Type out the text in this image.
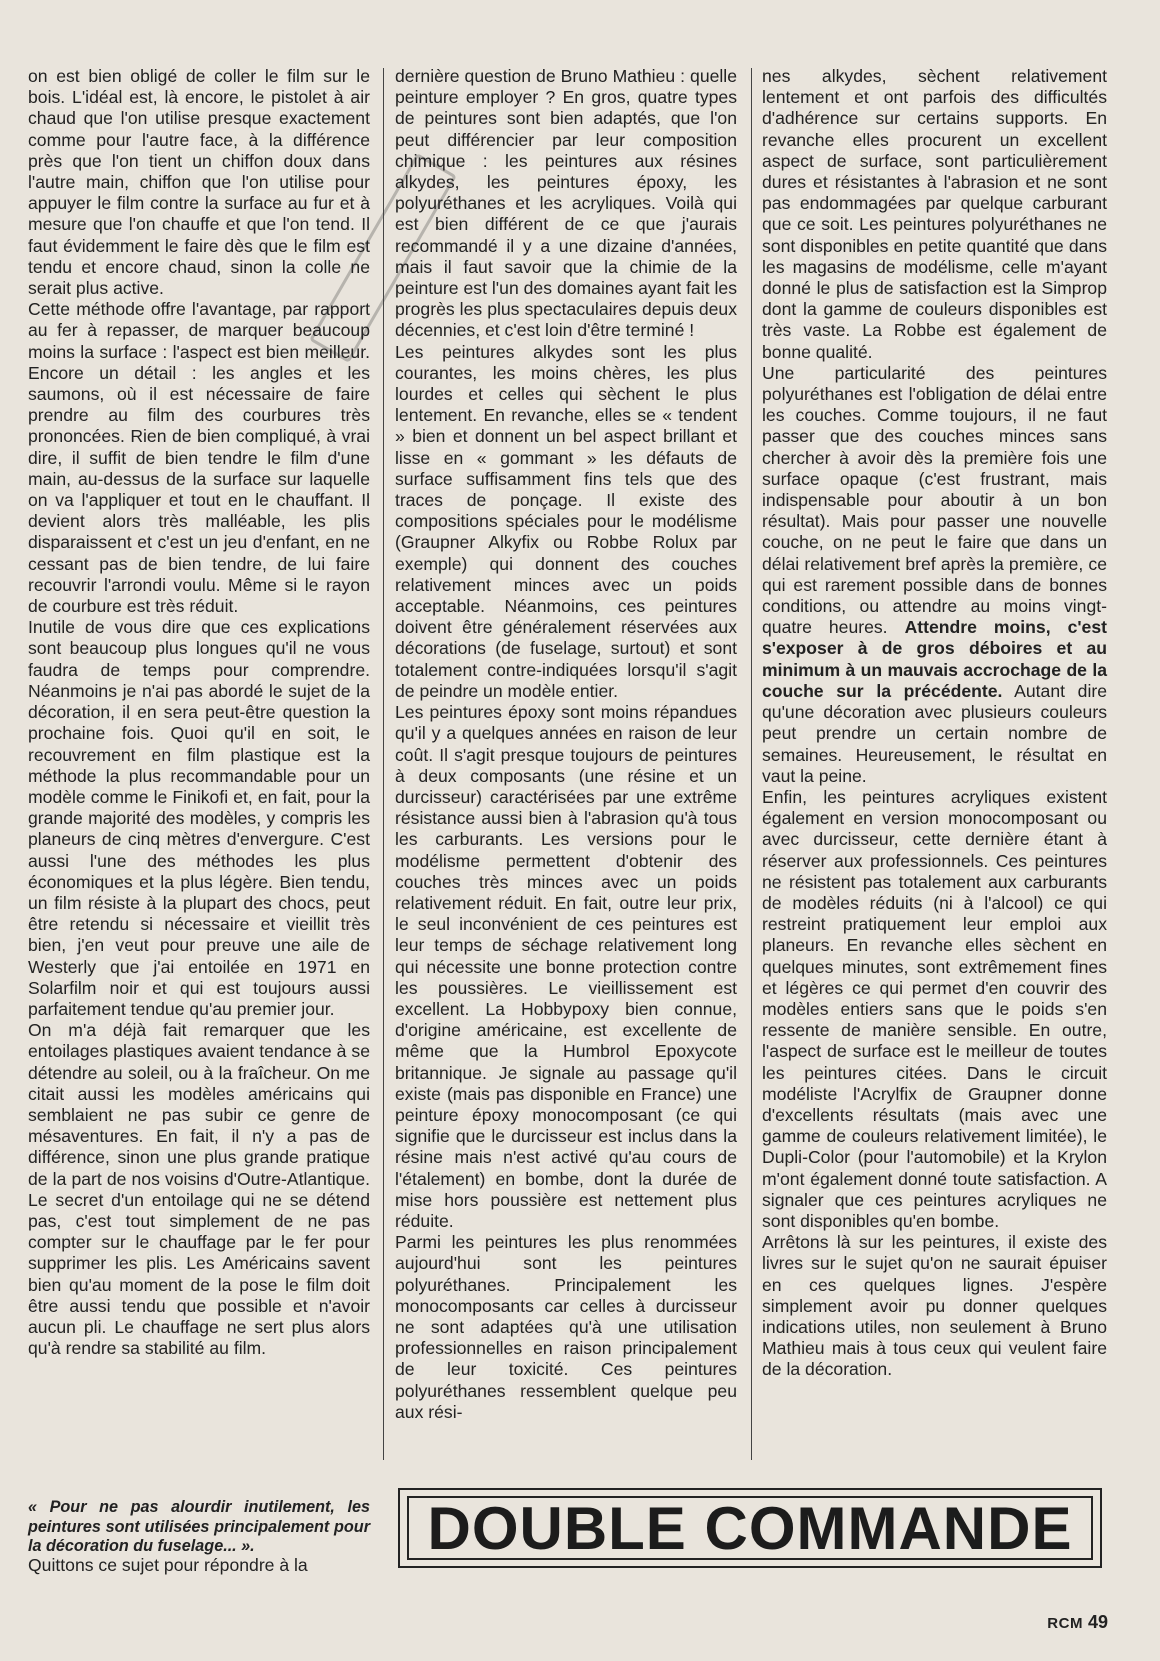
on est bien obligé de coller le film sur le bois. L'idéal est, là encore, le pistolet à air chaud que l'on utilise presque exactement comme pour l'autre face, à la différence près que l'on tient un chiffon doux dans l'autre main, chiffon que l'on utilise pour appuyer le film contre la surface au fur et à mesure que l'on chauffe et que l'on tend. Il faut évidemment le faire dès que le film est tendu et encore chaud, sinon la colle ne serait plus active.

Cette méthode offre l'avantage, par rapport au fer à repasser, de marquer beaucoup moins la surface : l'aspect est bien meilleur. Encore un détail : les angles et les saumons, où il est nécessaire de faire prendre au film des courbures très prononcées. Rien de bien compliqué, à vrai dire, il suffit de bien tendre le film d'une main, au-dessus de la surface sur laquelle on va l'appliquer et tout en le chauffant. Il devient alors très malléable, les plis disparaissent et c'est un jeu d'enfant, en ne cessant pas de bien tendre, de lui faire recouvrir l'arrondi voulu. Même si le rayon de courbure est très réduit.

Inutile de vous dire que ces explications sont beaucoup plus longues qu'il ne vous faudra de temps pour comprendre. Néanmoins je n'ai pas abordé le sujet de la décoration, il en sera peut-être question la prochaine fois. Quoi qu'il en soit, le recouvrement en film plastique est la méthode la plus recommandable pour un modèle comme le Finikofi et, en fait, pour la grande majorité des modèles, y compris les planeurs de cinq mètres d'envergure. C'est aussi l'une des méthodes les plus économiques et la plus légère. Bien tendu, un film résiste à la plupart des chocs, peut être retendu si nécessaire et vieillit très bien, j'en veut pour preuve une aile de Westerly que j'ai entoilée en 1971 en Solarfilm noir et qui est toujours aussi parfaitement tendue qu'au premier jour.

On m'a déjà fait remarquer que les entoilages plastiques avaient tendance à se détendre au soleil, ou à la fraîcheur. On me citait aussi les modèles américains qui semblaient ne pas subir ce genre de mésaventures. En fait, il n'y a pas de différence, sinon une plus grande pratique de la part de nos voisins d'Outre-Atlantique. Le secret d'un entoilage qui ne se détend pas, c'est tout simplement de ne pas compter sur le chauffage par le fer pour supprimer les plis. Les Américains savent bien qu'au moment de la pose le film doit être aussi tendu que possible et n'avoir aucun pli. Le chauffage ne sert plus alors qu'à rendre sa stabilité au film.

dernière question de Bruno Mathieu : quelle peinture employer ? En gros, quatre types de peintures sont bien adaptés, que l'on peut différencier par leur composition chimique : les peintures aux résines alkydes, les peintures époxy, les polyuréthanes et les acryliques. Voilà qui est bien différent de ce que j'aurais recommandé il y a une dizaine d'années, mais il faut savoir que la chimie de la peinture est l'un des domaines ayant fait les progrès les plus spectaculaires depuis deux décennies, et c'est loin d'être terminé !

Les peintures alkydes sont les plus courantes, les moins chères, les plus lourdes et celles qui sèchent le plus lentement. En revanche, elles se « tendent » bien et donnent un bel aspect brillant et lisse en « gommant » les défauts de surface suffisamment fins tels que des traces de ponçage. Il existe des compositions spéciales pour le modélisme (Graupner Alkyfix ou Robbe Rolux par exemple) qui donnent des couches relativement minces avec un poids acceptable. Néanmoins, ces peintures doivent être généralement réservées aux décorations (de fuselage, surtout) et sont totalement contre-indiquées lorsqu'il s'agit de peindre un modèle entier.

Les peintures époxy sont moins répandues qu'il y a quelques années en raison de leur coût. Il s'agit presque toujours de peintures à deux composants (une résine et un durcisseur) caractérisées par une extrême résistance aussi bien à l'abrasion qu'à tous les carburants. Les versions pour le modélisme permettent d'obtenir des couches très minces avec un poids relativement réduit. En fait, outre leur prix, le seul inconvénient de ces peintures est leur temps de séchage relativement long qui nécessite une bonne protection contre les poussières. Le vieillissement est excellent. La Hobbypoxy bien connue, d'origine américaine, est excellente de même que la Humbrol Epoxycote britannique. Je signale au passage qu'il existe (mais pas disponible en France) une peinture époxy monocomposant (ce qui signifie que le durcisseur est inclus dans la résine mais n'est activé qu'au cours de l'étalement) en bombe, dont la durée de mise hors poussière est nettement plus réduite.

Parmi les peintures les plus renommées aujourd'hui sont les peintures polyuréthanes. Principalement les monocomposants car celles à durcisseur ne sont adaptées qu'à une utilisation professionnelles en raison principalement de leur toxicité. Ces peintures polyuréthanes ressemblent quelque peu aux rési-

nes alkydes, sèchent relativement lentement et ont parfois des difficultés d'adhérence sur certains supports. En revanche elles procurent un excellent aspect de surface, sont particulièrement dures et résistantes à l'abrasion et ne sont pas endommagées par quelque carburant que ce soit. Les peintures polyuréthanes ne sont disponibles en petite quantité que dans les magasins de modélisme, celle m'ayant donné le plus de satisfaction est la Simprop dont la gamme de couleurs disponibles est très vaste. La Robbe est également de bonne qualité.

Une particularité des peintures polyuréthanes est l'obligation de délai entre les couches. Comme toujours, il ne faut passer que des couches minces sans chercher à avoir dès la première fois une surface opaque (c'est frustrant, mais indispensable pour aboutir à un bon résultat). Mais pour passer une nouvelle couche, on ne peut le faire que dans un délai relativement bref après la première, ce qui est rarement possible dans de bonnes conditions, ou attendre au moins vingt-quatre heures. Attendre moins, c'est s'exposer à de gros déboires et au minimum à un mauvais accrochage de la couche sur la précédente. Autant dire qu'une décoration avec plusieurs couleurs peut prendre un certain nombre de semaines. Heureusement, le résultat en vaut la peine.

Enfin, les peintures acryliques existent également en version monocomposant ou avec durcisseur, cette dernière étant à réserver aux professionnels. Ces peintures ne résistent pas totalement aux carburants de modèles réduits (ni à l'alcool) ce qui restreint pratiquement leur emploi aux planeurs. En revanche elles sèchent en quelques minutes, sont extrêmement fines et légères ce qui permet d'en couvrir des modèles entiers sans que le poids s'en ressente de manière sensible. En outre, l'aspect de surface est le meilleur de toutes les peintures citées. Dans le circuit modéliste l'Acrylfix de Graupner donne d'excellents résultats (mais avec une gamme de couleurs relativement limitée), le Dupli-Color (pour l'automobile) et la Krylon m'ont également donné toute satisfaction. A signaler que ces peintures acryliques ne sont disponibles qu'en bombe.

Arrêtons là sur les peintures, il existe des livres sur le sujet qu'on ne saurait épuiser en ces quelques lignes. J'espère simplement avoir pu donner quelques indications utiles, non seulement à Bruno Mathieu mais à tous ceux qui veulent faire de la décoration.

« Pour ne pas alourdir inutilement, les peintures sont utilisées principalement pour la décoration du fuselage... ».
Quittons ce sujet pour répondre à la
DOUBLE COMMANDE
RCM 49
